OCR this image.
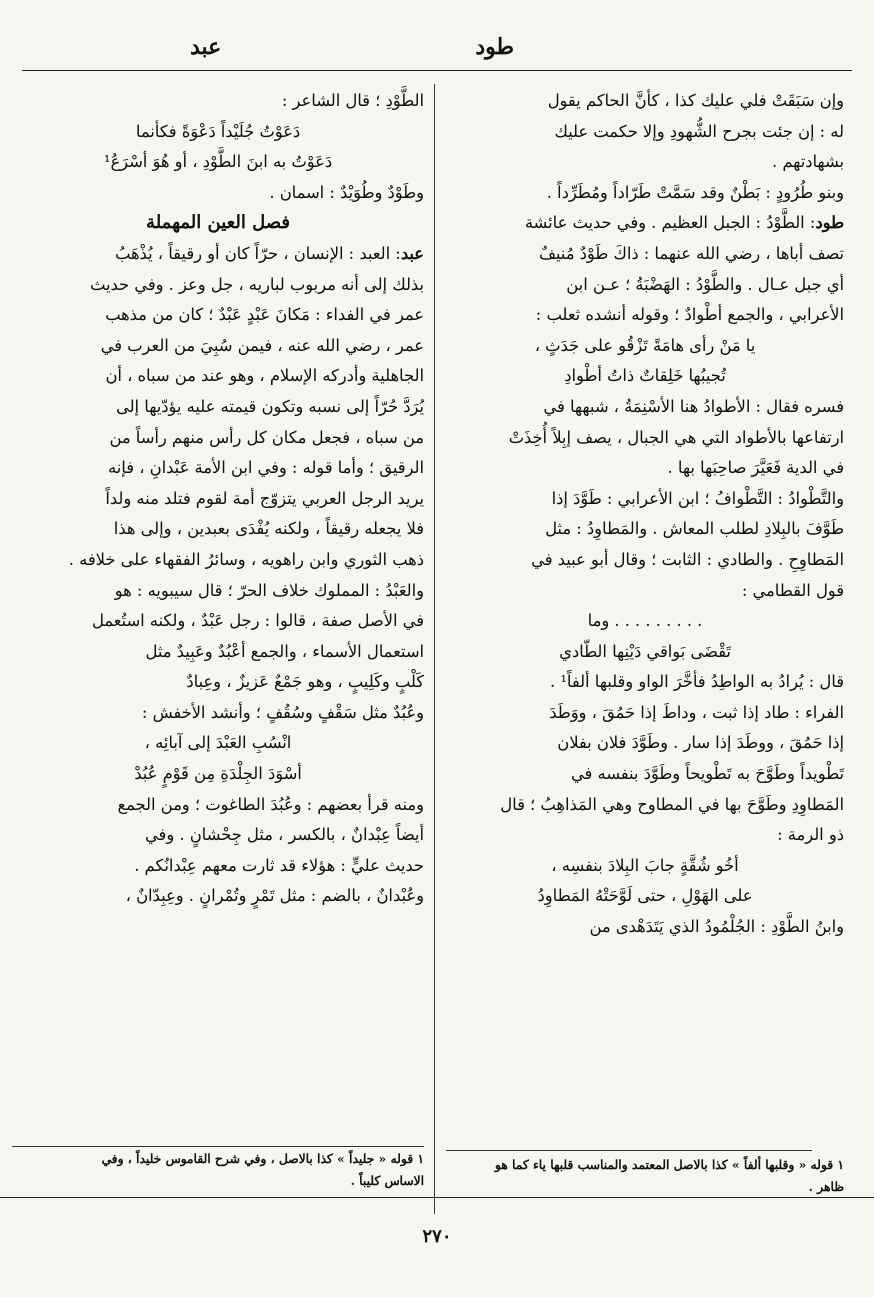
طود
عبد

وإن سَبَقَتْ فلي عليك كذا ، كأنَّ الحاكم يقول

له : إن جئت بجرح الشُّهودِ وإلا حكمت عليك

بشهادتهم .

وبنو طُرُودٍ : بَطْنٌ وقد سَمَّتْ طَرّاداً ومُطَرِّداً .

طود: الطَّوْدُ : الجبل العظيم . وفي حديث عائشة

تصف أباها ، رضي الله عنهما : ذاكَ طَوْدٌ مُنيفٌ

أي جبل عـال . والطَّوْدُ : الهَضْبَةُ ؛ عـن ابن

الأعرابي ، والجمع أطْوادٌ ؛ وقوله أنشده ثعلب :

يا مَنْ رأى هامَةً تَزْقُو على جَدَثٍ ،

تُجيبُها خَلِقاتٌ ذاتُ أطْوادِ

فسره فقال : الأطوادُ هنا الأسْنِمَةُ ، شبهها في

ارتفاعها بالأطواد التي هي الجبال ، يصف إبِلاً أُخِذَتْ

في الدية فَعَيَّرَ صاحِبَها بها .

والتَّطْوادُ : التَّطْوافُ ؛ ابن الأعرابي : طَوَّدَ إذا

طَوَّفَ بالبِلادِ لطلب المعاش . والمَطاوِدُ : مثل

المَطاوِحِ . والطادي : الثابت ؛ وقال أبو عبيد في

قول القطامي :

. . . . . . . . . وما

تَقْضَى بَواقي دَيْنِها الطّادي

قال : يُرادُ به الواطِدُ فأخَّرَ الواو وقلبها ألفاً¹ .

الفراء : طاد إذا ثبت ، وداطَ إذا حَمُقَ ، ووَطَدَ

إذا حَمُقَ ، ووطَدَ إذا سار . وطَوَّدَ فلان بفلان

تَطْويداً وطَوَّحَ به تَطْويحاً وطَوَّدَ بنفسه في

المَطاوِدِ وطَوَّحَ بها في المطاوح وهي المَذاهِبُ ؛ قال

ذو الرمة :

أخُو شُقَّةٍ جابَ البِلادَ بنفسِه ،

على الهَوْلِ ، حتى لَوَّحَتْهُ المَطاوِدُ

وابنُ الطَّوْدِ : الجُلْمُودُ الذي يَتَدَهْدى من

الطَّوْدِ ؛ قال الشاعر :

دَعَوْتُ جُلَيْداً دَعْوَةً فكأنما

دَعَوْتُ به ابنَ الطَّوْدِ ، أو هُوَ أسْرَعُ¹

وطَوْدٌ وطُوَيْدٌ : اسمان .

فصل العين المهملة

عبد: العبد : الإنسان ، حرّاً كان أو رقيقاً ، يُذْهَبُ

بذلك إلى أنه مربوب لباريه ، جل وعز . وفي حديث

عمر في الفداء : مَكانَ عَبْدٍ عَبْدٌ ؛ كان من مذهب

عمر ، رضي الله عنه ، فيمن سُبِيَ من العرب في

الجاهلية وأدركه الإسلام ، وهو عند من سباه ، أن

يُرَدَّ حُرّاً إلى نسبه وتكون قيمته عليه يؤدّيها إلى

من سباه ، فجعل مكان كل رأس منهم رأساً من

الرقيق ؛ وأما قوله : وفي ابن الأمة عَبْدانِ ، فإنه

يريد الرجل العربي يتزوّج أمة لقوم فتلد منه ولداً

فلا يجعله رقيقاً ، ولكنه يُفْدَى بعبدين ، وإلى هذا

ذهب الثوري وابن راهويه ، وسائرُ الفقهاء على خلافه .

والعَبْدُ : المملوك خلاف الحرّ ؛ قال سيبويه : هو

في الأصل صفة ، قالوا : رجل عَبْدٌ ، ولكنه استُعمل

استعمال الأسماء ، والجمع أعْبُدٌ وعَبِيدٌ مثل

كَلْبٍ وكَلِيبٍ ، وهو جَمْعٌ عَزيزٌ ، وعِبادٌ

وعُبُدٌ مثل سَقْفٍ وسُقُفٍ ؛ وأنشد الأخفش :

انْسُبِ العَبْدَ إلى آبائِه ،

أسْوَدَ الجِلْدَةِ مِن قَوْمٍ عُبُدْ

ومنه قرأ بعضهم : وعُبُدَ الطاغوت ؛ ومن الجمع

أيضاً عِبْدانٌ ، بالكسر ، مثل جِحْشانٍ . وفي

حديث عليٍّ : هؤلاء قد ثارت معهم عِبْدانُكم .

وعُبْدانٌ ، بالضم : مثل تَمْرٍ وتُمْرانٍ . وعِبِدّانٌ ،

١ قوله « وقلبها ألفاً » كذا بالاصل المعتمد والمناسب قلبها ياء كما هو
ظاهر .
١ قوله « جليداً » كذا بالاصل ، وفي شرح القاموس خليداً ، وفي
الاساس كليباً .
٢٧٠
